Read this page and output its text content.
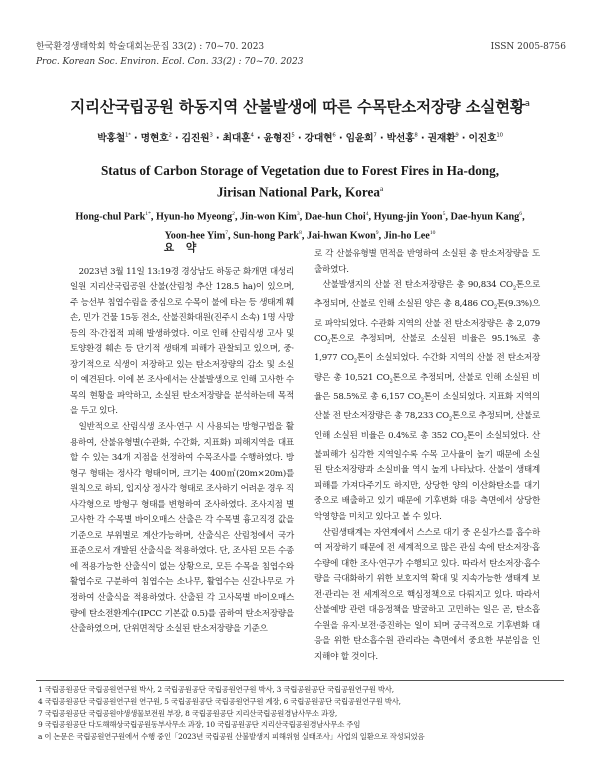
한국환경생태학회 학술대회논문집 33(2) : 70~70. 2023	ISSN 2005-8756
Proc. Korean Soc. Environ. Ecol. Con. 33(2) : 70~70. 2023
지리산국립공원 하동지역 산불발생에 따른 수목탄소저장량 소실현황$^a$
박홍철$^{1*}$ · 명현호$^2$ · 김진원$^3$ · 최대훈$^4$ · 윤형진$^5$ · 강대현$^6$ · 임윤희$^7$ · 박선홍$^8$ · 권재환$^9$ · 이진호$^{10}$
Status of Carbon Storage of Vegetation due to Forest Fires in Ha-dong,
Jirisan National Park, Korea$^a$
Hong-chul Park$^{1*}$, Hyun-ho Myeong$^2$, Jin-won Kim$^3$, Dae-hun Choi$^4$, Hyung-jin Yoon$^5$, Dae-hyun Kang$^6$,
Yoon-hee Yim$^7$, Sun-hong Park$^8$, Jai-hwan Kwon$^9$, Jin-ho Lee$^{10}$
요 약

2023년 3월 11일 13:19경 경상남도 하동군 화개면 대성리 일원 지리산국립공원 산불(산림청 추산 128.5 ha)이 있으며, 주 능선부 침엽수림을 중심으로 수목이 불에 타는 등 생태계 훼손, 민가 건물 15동 전소, 산불진화대원(진주시 소속) 1명 사망 등의 작·간접적 피해 발생하였다. 이로 인해 산림식생 고사 및 토양환경 훼손 등 단기적 생태계 피해가 관찰되고 있으며, 중·장기적으로 식생이 저장하고 있는 탄소저장량의 감소 및 소실이 예견된다. 이에 본 조사에서는 산불발생으로 인해 고사한 수목의 현황을 파악하고, 소실된 탄소저장량을 분석하는데 목적을 두고 있다.

일반적으로 산림식생 조사·연구 시 사용되는 방형구법을 활용하여, 산불유형별(수관화, 수간화, 지표화) 피해지역을 대표할 수 있는 34개 지점을 선정하여 수목조사를 수행하였다. 방형구 형태는 정사각 형태이며, 크기는 400㎡(20m×20m)를 원칙으로 하되, 입지상 정사각 형태로 조사하기 어려운 경우 직사각형으로 방형구 형태를 변형하여 조사하였다. 조사지점 별 고사한 각 수목별 바이오매스 산출은 각 수목별 흉고직경 값을 기준으로 부위별로 계산가능하며, 산출식은 산림청에서 국가표준으로서 개발된 산출식을 적용하였다. 단, 조사된 모든 수종에 적용가능한 산출식이 없는 상황으로, 모든 수목을 침엽수와 활엽수로 구분하여 침엽수는 소나무, 활엽수는 신갈나무로 가정하여 산출식을 적용하였다. 산출된 각 고사목별 바이오매스량에 탄소전환계수(IPCC 기본값 0.5)를 곱하여 탄소저장량을 산출하였으며, 단위면적당 소실된 탄소저장량을 기준으

로 각 산불유형별 면적을 반영하여 소실된 총 탄소저장량을 도출하였다.

산불발생지의 산불 전 탄소저장량은 총 90,834 $CO_2$톤으로 추정되며, 산불로 인해 소실된 양은 총 8,486 $CO_2$톤(9.3%)으로 파악되었다. 수관화 지역의 산불 전 탄소저장량은 총 2,079 $CO_2$톤으로 추정되며, 산불로 소실된 비율은 95.1%로 총 1,977 $CO_2$톤이 소실되었다. 수간화 지역의 산불 전 탄소저장량은 총 10,521 $CO_2$톤으로 추정되며, 산불로 인해 소실된 비율은 58.5%로 총 6,157 $CO_2$톤이 소실되었다. 지표화 지역의 산불 전 탄소저장량은 총 78,233 $CO_2$톤으로 추정되며, 산불로 인해 소실된 비율은 0.4%로 총 352 $CO_2$톤이 소실되었다. 산불피해가 심각한 지역일수록 수목 고사율이 높기 때문에 소실된 탄소저장량과 소실비율 역시 높게 나타났다. 산불이 생태계 피해를 가져다주기도 하지만, 상당한 양의 이산화탄소를 대기중으로 배출하고 있기 때문에 기후변화 대응 측면에서 상당한 악영향을 미치고 있다고 볼 수 있다.

산림생태계는 자연계에서 스스로 대기 중 온실가스를 흡수하여 저장하기 때문에 전 세계적으로 많은 관심 속에 탄소저장·흡수량에 대한 조사·연구가 수행되고 있다. 따라서 탄소저장·흡수량을 극대화하기 위한 보호지역 확대 및 지속가능한 생태계 보전·관리는 전 세계적으로 핵심정책으로 다뤄지고 있다. 따라서 산불예방 관련 대응정책을 발굴하고 고민하는 일은 곧, 탄소흡수원을 유지·보전·증진하는 일이 되며 궁극적으로 기후변화 대응을 위한 탄소흡수원 관리라는 측면에서 중요한 부분임을 인지해야 할 것이다.

1 국립공원공단 국립공원연구원 박사, 2 국립공원공단 국립공원연구원 박사, 3 국립공원공단 국립공원연구원 박사,
4 국립공원공단 국립공원연구원 연구원, 5 국립공원공단 국립공원연구원 계장, 6 국립공원공단 국립공원연구원 박사,
7 국립공원공단 국립공원야생생물보전원 부장, 8 국립공원공단 지리산국립공원경남사무소 과장,
9 국립공원공단 다도해해상국립공원동부사무소 과장, 10 국립공원공단 지리산국립공원경남사무소 주임
a 이 논문은 국립공원연구원에서 수행 중인「2023년 국립공원 산불발생지 피해위험 실태조사」사업의 일환으로 작성되었음
